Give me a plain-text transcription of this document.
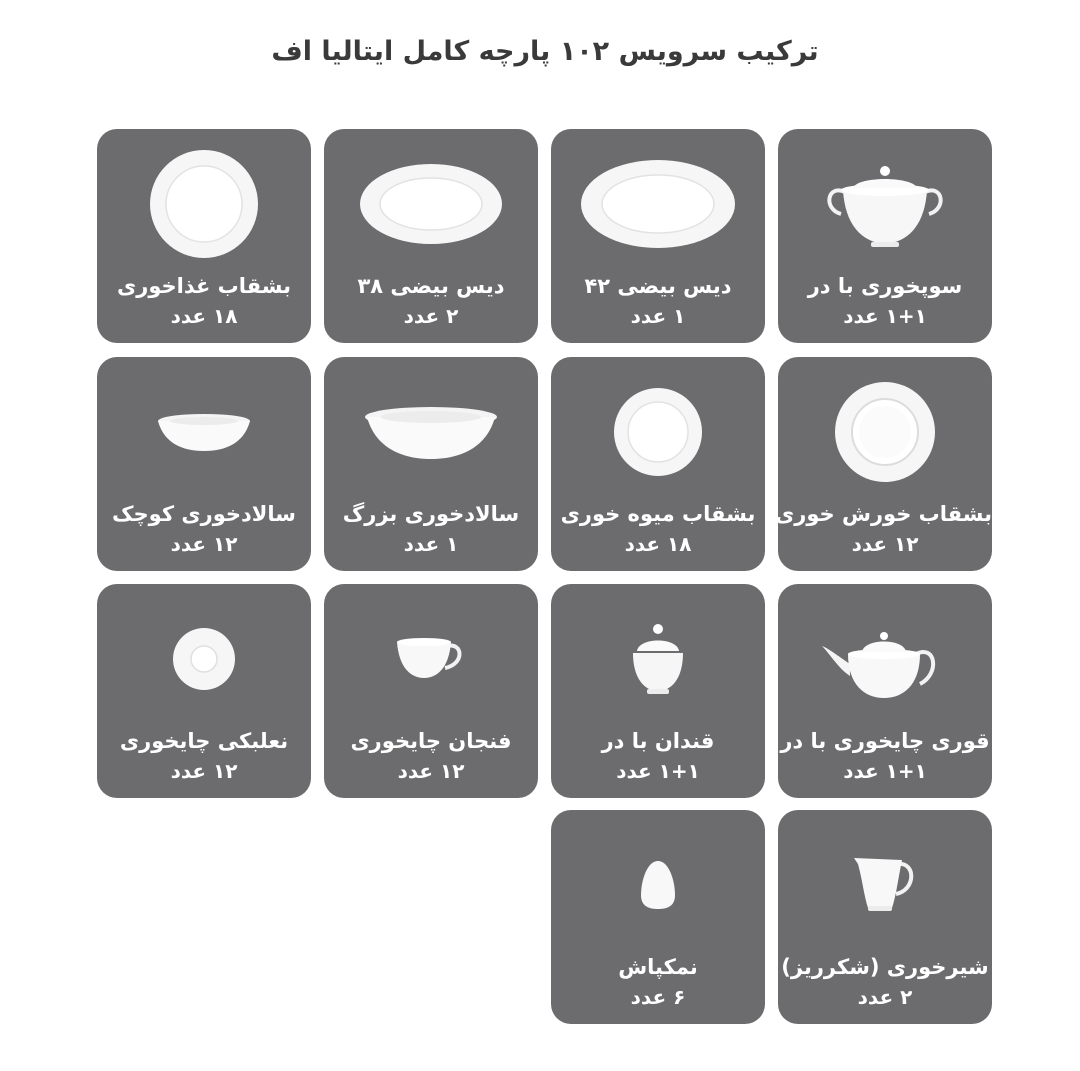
ترکیب سرویس ۱۰۲ پارچه کامل ایتالیا اف
سوپخوری با در
۱+۱ عدد
دیس بیضی ۴۲
۱ عدد
دیس بیضی ۳۸
۲ عدد
بشقاب غذاخوری
۱۸ عدد
بشقاب خورش خوری
۱۲ عدد
بشقاب میوه خوری
۱۸ عدد
سالادخوری بزرگ
۱ عدد
سالادخوری کوچک
۱۲ عدد
قوری چایخوری با در
۱+۱ عدد
قندان با در
۱+۱ عدد
فنجان چایخوری
۱۲ عدد
نعلبکی چایخوری
۱۲ عدد
شیرخوری (شکرریز)
۲ عدد
نمکپاش
۶ عدد
